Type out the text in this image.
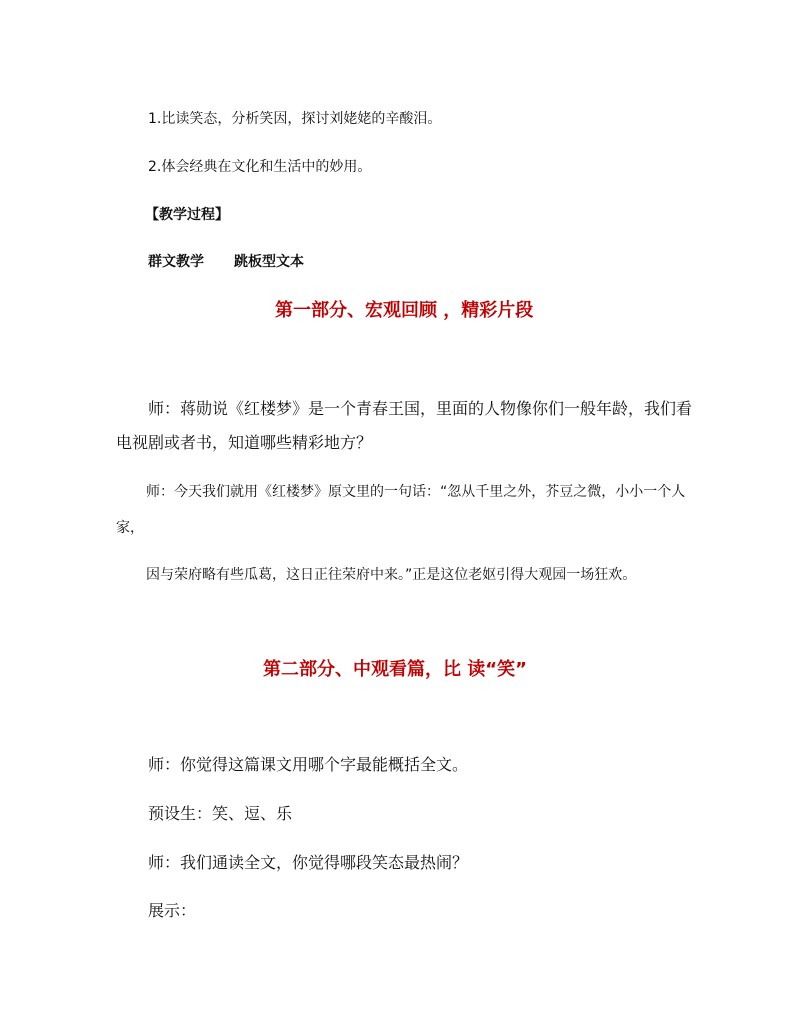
1.比读笑态，分析笑因，探讨刘姥姥的辛酸泪。
2.体会经典在文化和生活中的妙用。
【教学过程】
群文教学 跳板型文本
第一部分、宏观回顾 ，精彩片段
师：蒋勋说《红楼梦》是一个青春王国，里面的人物像你们一般年龄，我们看
电视剧或者书，知道哪些精彩地方？
师：今天我们就用《红楼梦》原文里的一句话：“忽从千里之外，芥豆之微，小小一个人
家，
因与荣府略有些瓜葛，这日正往荣府中来。”正是这位老妪引得大观园一场狂欢。
第二部分、中观看篇，比 读“笑”
师：你觉得这篇课文用哪个字最能概括全文。
预设生：笑、逗、乐
师：我们通读全文，你觉得哪段笑态最热闹？
展示：
